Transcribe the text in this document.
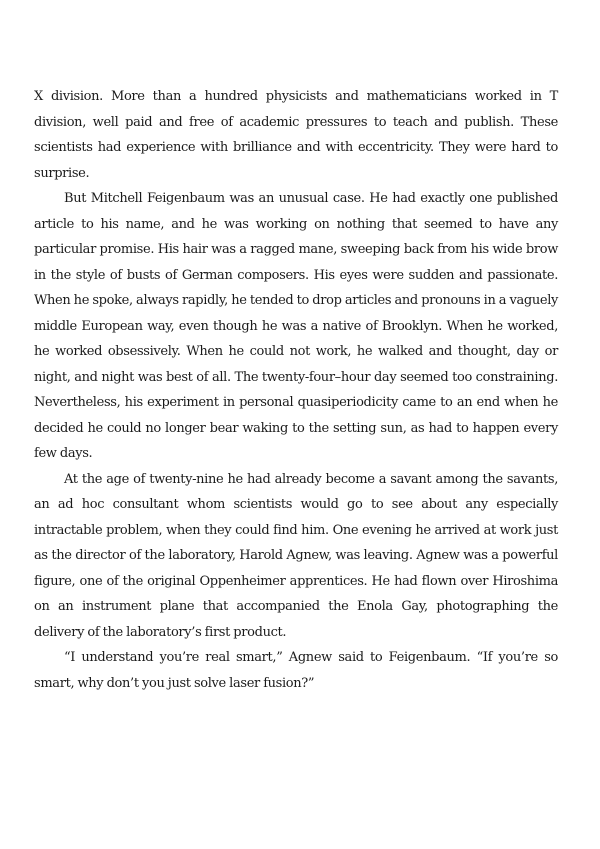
X division. More than a hundred physicists and mathematicians worked in T division, well paid and free of academic pressures to teach and publish. These scientists had experience with brilliance and with eccentricity. They were hard to surprise.

But Mitchell Feigenbaum was an unusual case. He had exactly one published article to his name, and he was working on nothing that seemed to have any particular promise. His hair was a ragged mane, sweeping back from his wide brow in the style of busts of German composers. His eyes were sudden and passionate. When he spoke, always rapidly, he tended to drop articles and pronouns in a vaguely middle European way, even though he was a native of Brooklyn. When he worked, he worked obsessively. When he could not work, he walked and thought, day or night, and night was best of all. The twenty-four–hour day seemed too constraining. Nevertheless, his experiment in personal quasiperiodicity came to an end when he decided he could no longer bear waking to the setting sun, as had to happen every few days.

At the age of twenty-nine he had already become a savant among the savants, an ad hoc consultant whom scientists would go to see about any especially intractable problem, when they could find him. One evening he arrived at work just as the director of the laboratory, Harold Agnew, was leaving. Agnew was a powerful figure, one of the original Oppenheimer apprentices. He had flown over Hiroshima on an instrument plane that accompanied the Enola Gay, photographing the delivery of the laboratory’s first product.

“I understand you’re real smart,” Agnew said to Feigenbaum. “If you’re so smart, why don’t you just solve laser fusion?”
